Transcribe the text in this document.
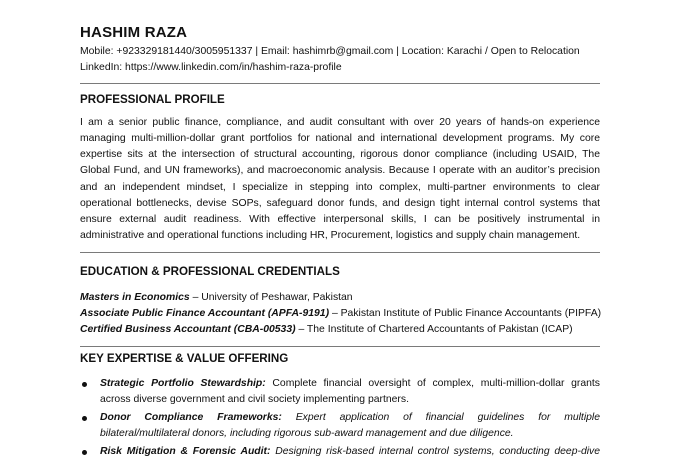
HASHIM RAZA

Mobile: +923329181440/3005951337 | Email: hashimrb@gmail.com | Location: Karachi / Open to Relocation

LinkedIn: https://www.linkedin.com/in/hashim-raza-profile

PROFESSIONAL PROFILE
I am a senior public finance, compliance, and audit consultant with over 20 years of hands-on experience
managing multi-million-dollar grant portfolios for national and international development programs. My core
expertise sits at the intersection of structural accounting, rigorous donor compliance (including USAID, The
Global Fund, and UN frameworks), and macroeconomic analysis. Because I operate with an auditor’s precision
and an independent mindset, I specialize in stepping into complex, multi-partner environments to clear
operational bottlenecks, devise SOPs, safeguard donor funds, and design tight internal control systems that
ensure external audit readiness. With effective interpersonal skills, I can be positively instrumental in
administrative and operational functions including HR, Procurement, logistics and supply chain management.
EDUCATION & PROFESSIONAL CREDENTIALS

Masters in Economics – University of Peshawar, Pakistan

Associate Public Finance Accountant (APFA-9191) – Pakistan Institute of Public Finance Accountants (PIPFA)

Certified Business Accountant (CBA-00533) – The Institute of Chartered Accountants of Pakistan (ICAP)

KEY EXPERTISE & VALUE OFFERING
Strategic Portfolio Stewardship: Complete financial oversight of complex, multi-million-dollar grants
across diverse government and civil society implementing partners.
Donor Compliance Frameworks: Expert application of financial guidelines for multiple
bilateral/multilateral donors, including rigorous sub-award management and due diligence.
Risk Mitigation & Forensic Audit: Designing risk-based internal control systems, conducting deep-dive
